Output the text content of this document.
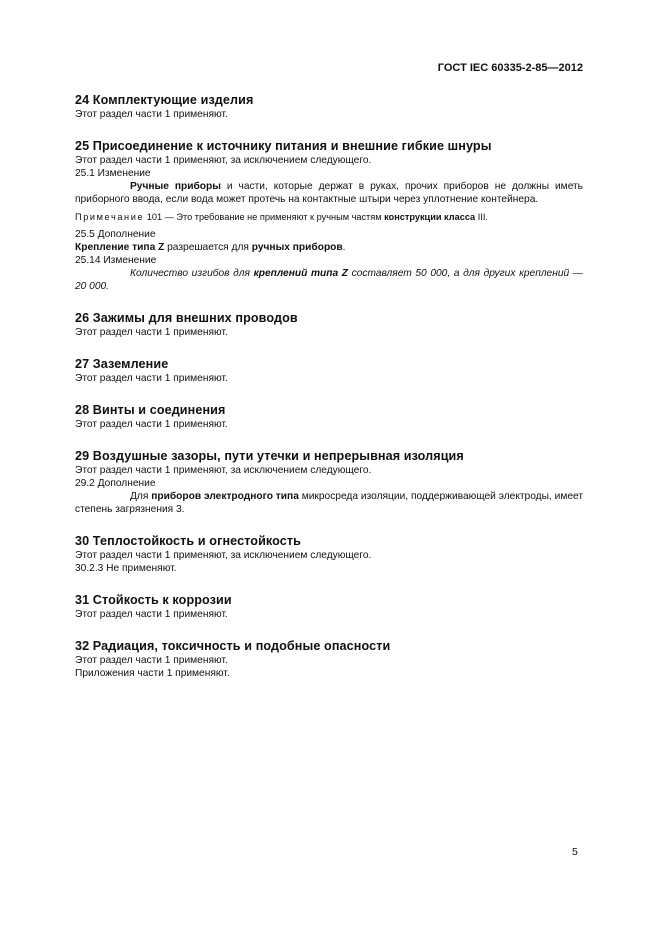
ГОСТ IEC 60335-2-85—2012
24 Комплектующие изделия

Этот раздел части 1 применяют.

25 Присоединение к источнику питания и внешние гибкие шнуры

Этот раздел части 1 применяют, за исключением следующего.

25.1 Изменение

Ручные приборы и части, которые держат в руках, прочих приборов не должны иметь приборного ввода, если вода может протечь на контактные штыри через уплотнение контейнера.

Примечание 101 — Это требование не применяют к ручным частям конструкции класса III.

25.5 Дополнение

Крепление типа Z разрешается для ручных приборов.

25.14 Изменение

Количество изгибов для креплений типа Z составляет 50 000, а для других креплений — 20 000.

26 Зажимы для внешних проводов

Этот раздел части 1 применяют.

27 Заземление

Этот раздел части 1 применяют.

28 Винты и соединения

Этот раздел части 1 применяют.

29 Воздушные зазоры, пути утечки и непрерывная изоляция

Этот раздел части 1 применяют, за исключением следующего.

29.2 Дополнение

Для приборов электродного типа микросреда изоляции, поддерживающей электроды, имеет степень загрязнения 3.

30 Теплостойкость и огнестойкость

Этот раздел части 1 применяют, за исключением следующего.

30.2.3 Не применяют.

31 Стойкость к коррозии

Этот раздел части 1 применяют.

32 Радиация, токсичность и подобные опасности

Этот раздел части 1 применяют.

Приложения части 1 применяют.

5
